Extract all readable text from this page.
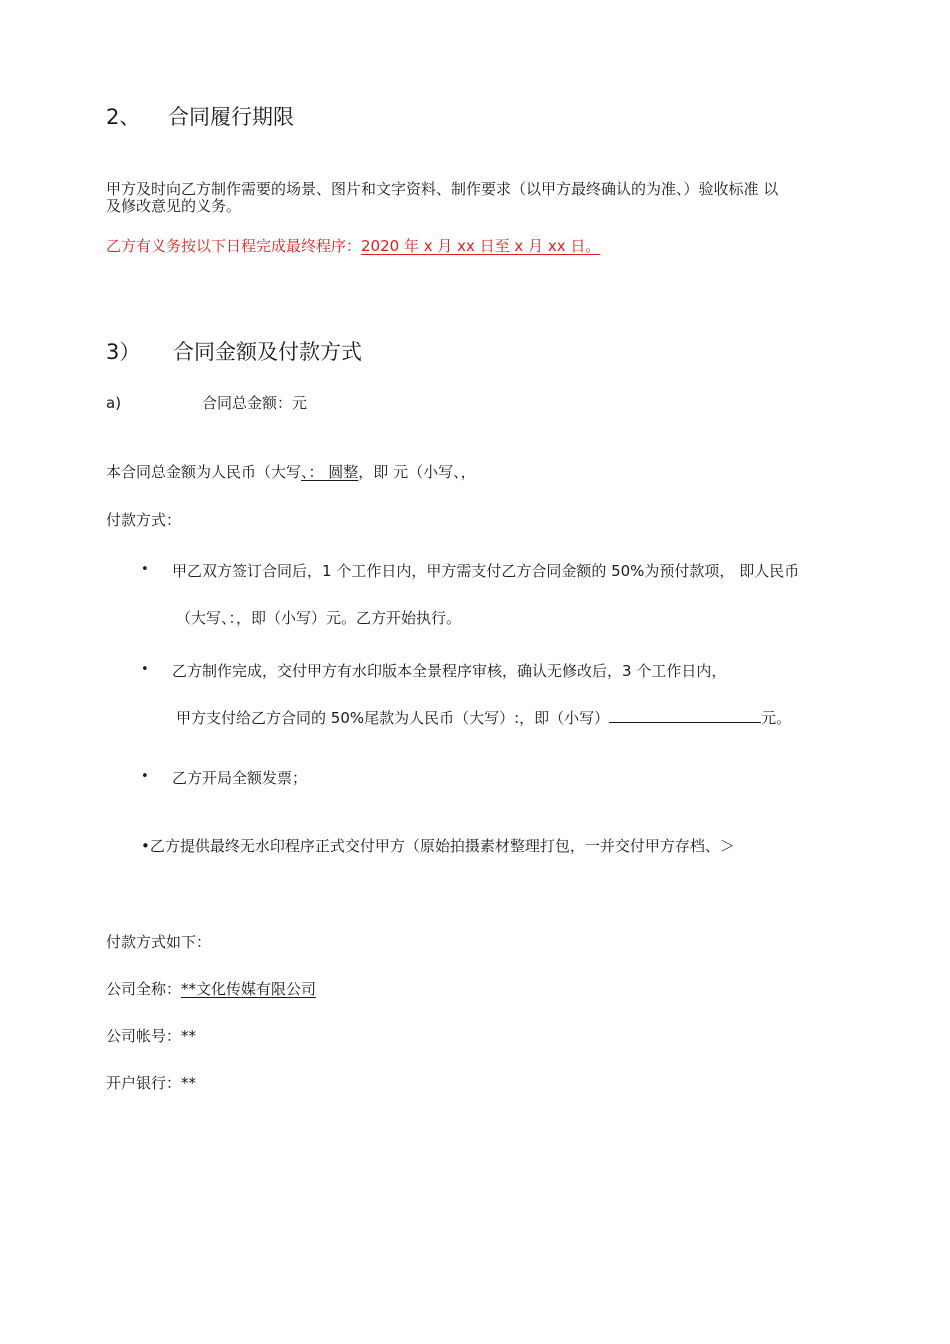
2、 合同履行期限
甲方及时向乙方制作需要的场景、图片和文字资料、制作要求（以甲方最终确认的为准、）验收标准 以
及修改意见的义务。
乙方有义务按以下日程完成最终程序：2020 年 x 月 xx 日至 x 月 xx 日。
3） 合同金额及付款方式
a)	合同总金额：元
本合同总金额为人民币（大写、： 圆整，即 元（小写、，
付款方式：
• 甲乙双方签订合同后，1 个工作日内，甲方需支付乙方合同金额的 50%为预付款项， 即人民币
（大写、：，即（小写）元。乙方开始执行。
• 乙方制作完成，交付甲方有水印版本全景程序审核，确认无修改后，3 个工作日内，
甲方支付给乙方合同的 50%尾款为人民币（大写）:，即（小写）	元。
• 乙方开局全额发票；
•乙方提供最终无水印程序正式交付甲方（原始拍摄素材整理打包，一并交付甲方存档、＞
付款方式如下：
公司全称：**文化传媒有限公司
公司帐号：**
开户银行：**
